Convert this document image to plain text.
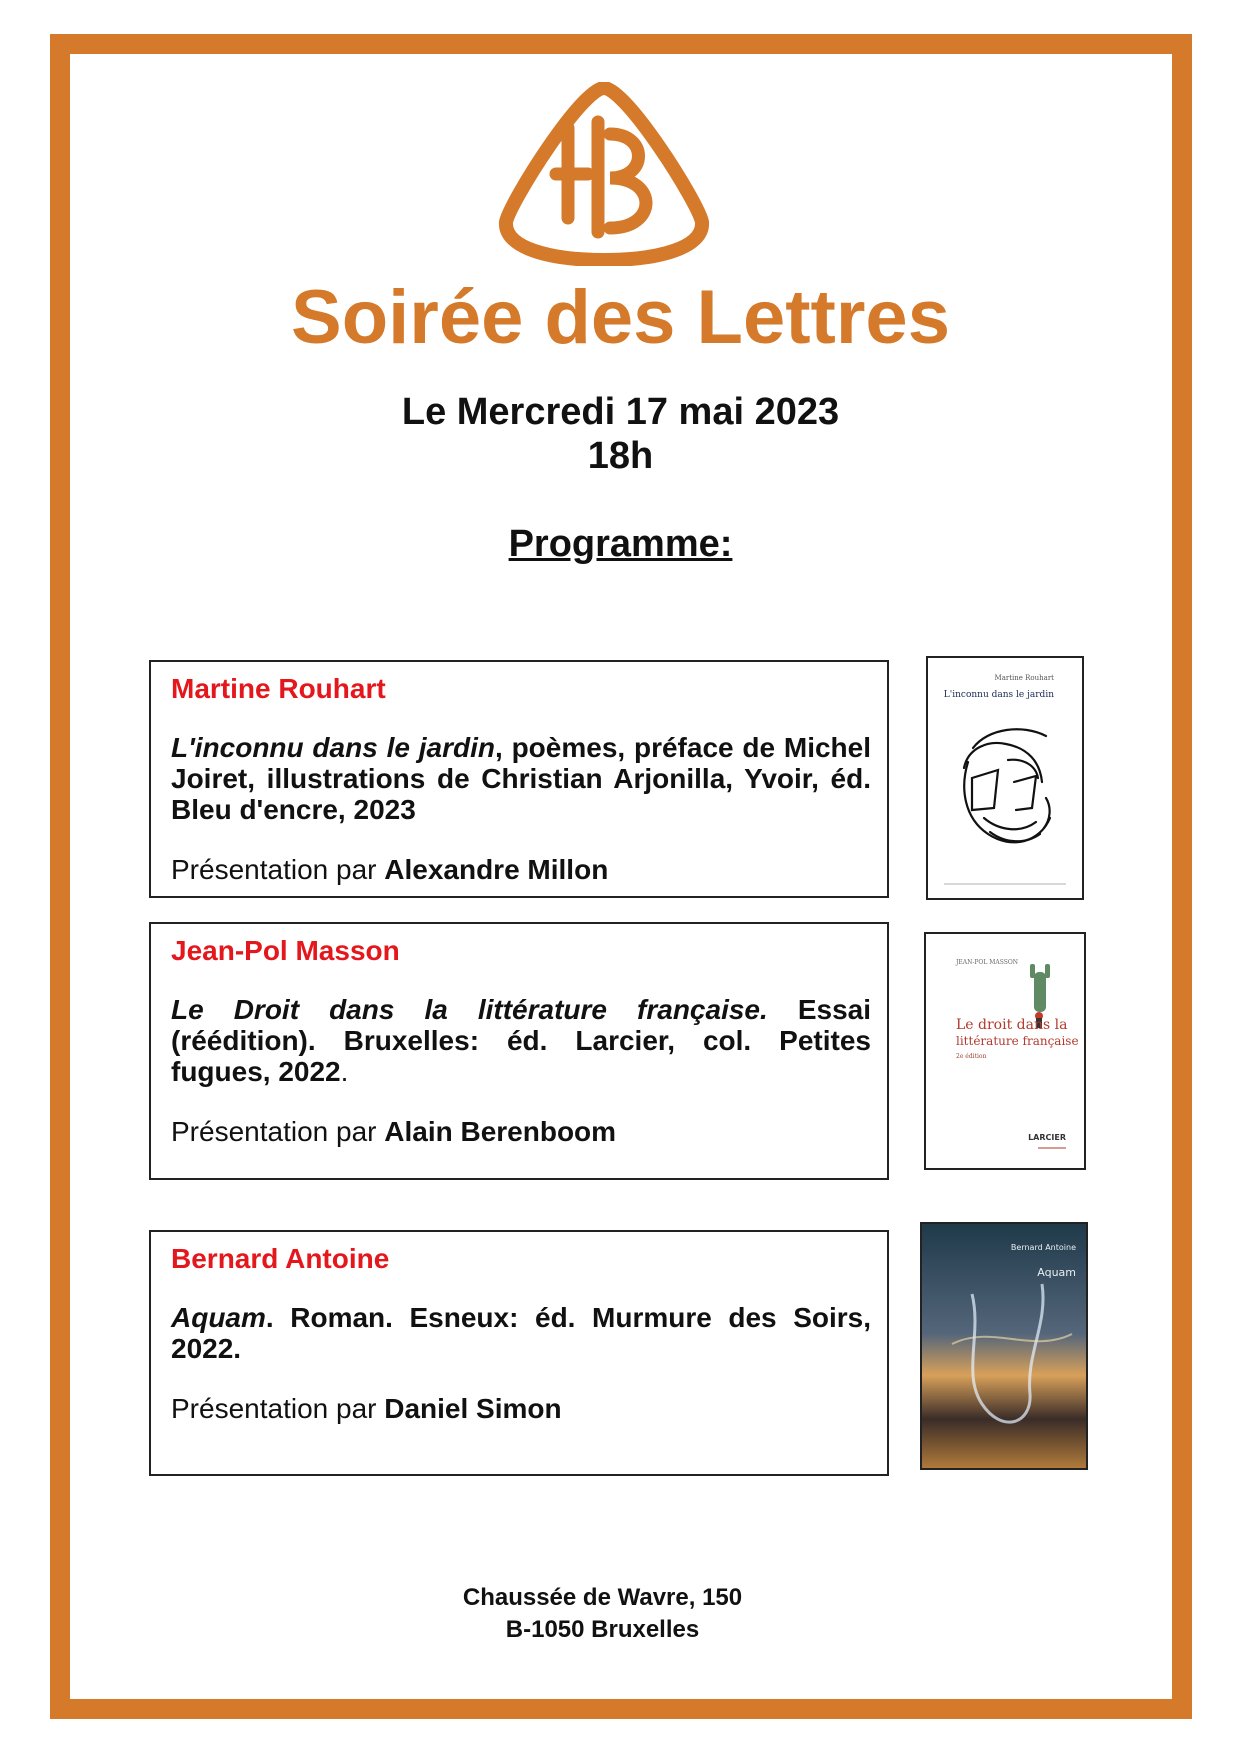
Soirée des Lettres
Le Mercredi 17 mai 2023
18h
Programme:
Martine Rouhart
L'inconnu dans le jardin, poèmes, préface de Michel Joiret, illustrations de Christian Arjonilla, Yvoir, éd. Bleu d'encre, 2023
Présentation par Alexandre Millon
Martine Rouhart
L'inconnu dans le jardin
Jean-Pol Masson
Le Droit dans la littérature française. Essai (réédition). Bruxelles: éd. Larcier, col. Petites fugues, 2022.
Présentation par Alain Berenboom
JEAN-POL MASSON
Le droit dans la
littérature française
2e édition
LARCIER
Bernard Antoine
Aquam. Roman. Esneux: éd. Murmure des Soirs, 2022.
Présentation par Daniel Simon
Bernard Antoine
Aquam
Chaussée de Wavre, 150
B-1050 Bruxelles
